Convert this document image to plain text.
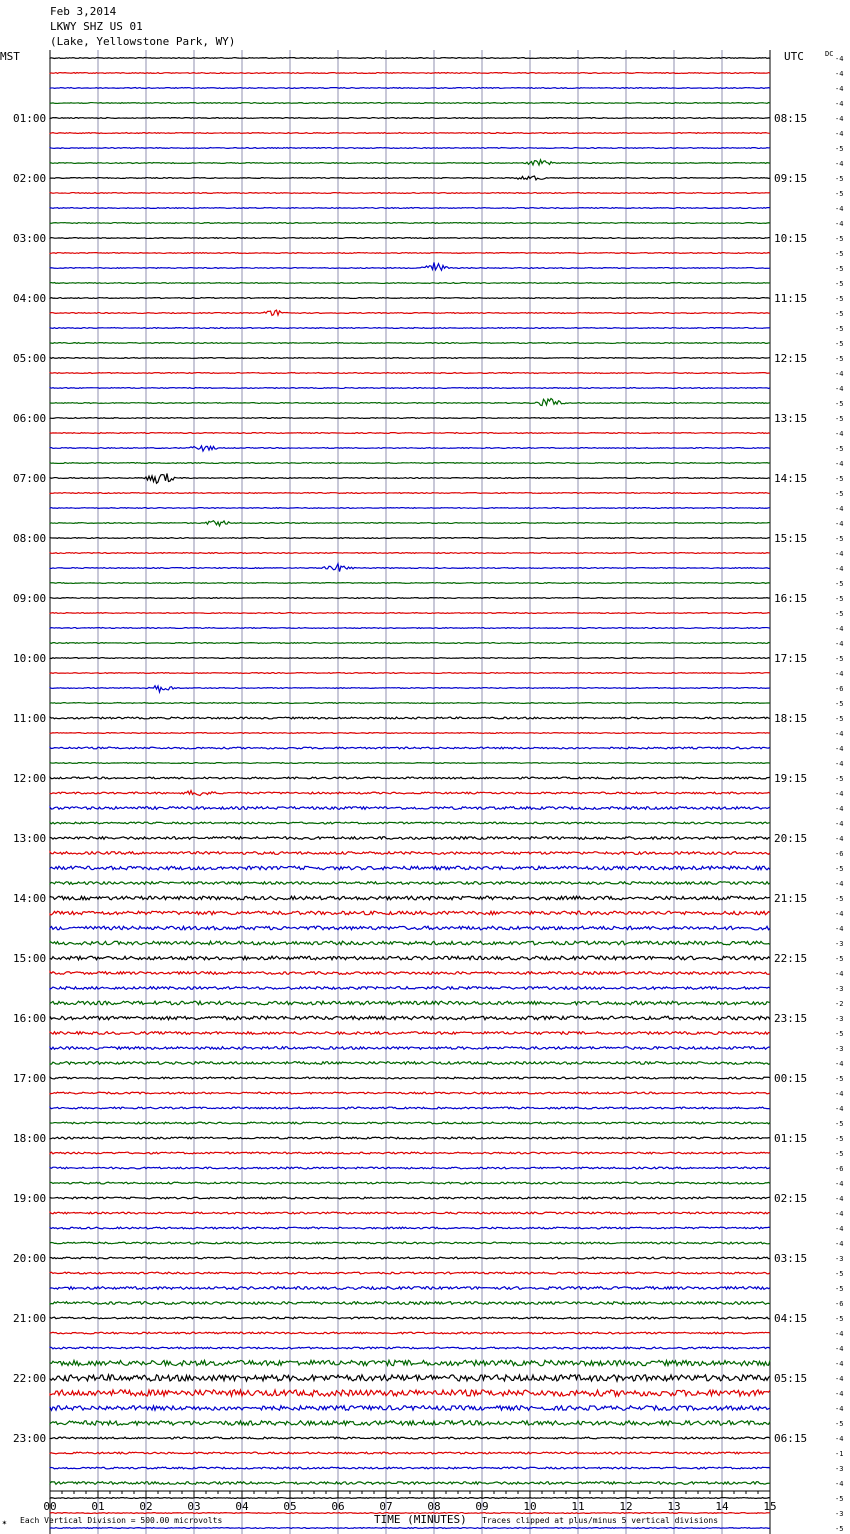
Feb 3,2014
LKWY SHZ US 01
(Lake, Yellowstone Park, WY)
MST	UTC	DC
01:00
02:00
03:00
04:00
05:00
06:00
07:00
08:00
09:00
10:00
11:00
12:00
13:00
14:00
15:00
16:00
17:00
18:00
19:00
20:00
21:00
22:00
23:00
08:15
09:15
10:15
11:15
12:15
13:15
14:15
15:15
16:15
17:15
18:15
19:15
20:15
21:15
22:15
23:15
00:15
01:15
02:15
03:15
04:15
05:15
06:15
-4
-4
-4
-4
-4
-4
-5
-4
-5
-5
-4
-4
-5
-5
-5
-5
-5
-5
-5
-5
-5
-4
-4
-5
-5
-4
-5
-4
-5
-5
-4
-4
-5
-4
-4
-5
-5
-5
-4
-4
-5
-4
-6
-5
-5
-4
-4
-4
-5
-4
-4
-4
-4
-6
-5
-4
-5
-4
-4
-3
-5
-4
-3
-2
-3
-5
-3
-4
-5
-4
-4
-5
-5
-5
-6
-4
-4
-4
-4
-4
-3
-5
-5
-6
-5
-4
-4
-4
-4
-4
-4
-5
-4
-1
-3
-4
-5
-3
-5
00	01	02	03	04	05	06	07	08	09	10	11	12	13	14	15
TIME (MINUTES)
✶ Each Vertical Division = 500.00 microvolts	Traces clipped at plus/minus 5 vertical divisions
